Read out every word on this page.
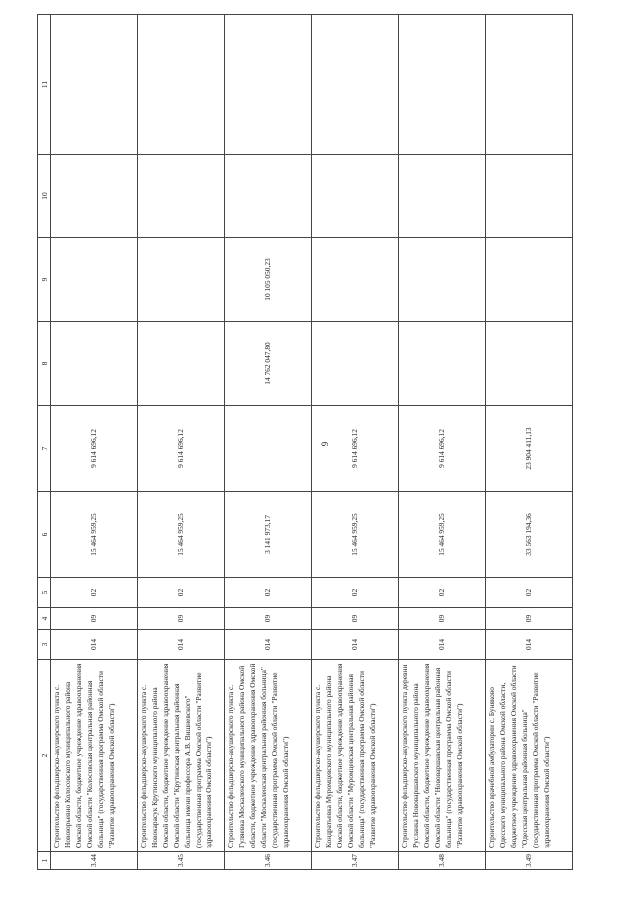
9
1	2	3	4	5	6	7	8	9	10	11
3.44	Строительство фельдшерско-акушерского пункта с. Новоюрьевно Колосовского муниципального района Омской области, бюджетное учреждение здравоохранения Омской области "Колосовская центральная районная больница" (государственная программа Омской области "Развитие здравоохранения Омской области")	014	09	02	15 464 959,25	9 614 696,12				
3.45	Строительство фельдшерско-акушерского пункта с. Новокарасук Крутинского муниципального района Омской области, бюджетное учреждение здравоохранения Омской области "Крутинская центральная районная больница имени профессора А.В. Вишневского" (государственная программа Омской области "Развитие здравоохранения Омской области")	014	09	02	15 464 959,25	9 614 696,12				
3.46	Строительство фельдшерско-акушерского пункта с. Гуляевка Москаленского муниципального района Омской области, бюджетное учреждение здравоохранения Омской области "Москаленская центральная районная больница" (государственная программа Омской области "Развитие здравоохранения Омской области")	014	09	02	3 141 973,17		14 762 047,80	10 105 050,23		
3.47	Строительство фельдшерско-акушерского пункта с. Кондратьевка Муромцевского муниципального района Омской области, бюджетное учреждение здравоохранения Омской области "Муромцевская центральная районная больница" (государственная программа Омской области "Развитие здравоохранения Омской области")	014	09	02	15 464 959,25	9 614 696,12				
3.48	Строительство фельдшерско-акушерского пункта деревни Русланка Нововаршавского муниципального района Омской области, бюджетное учреждение здравоохранения Омской области "Нововаршавская центральная районная больница" (государственная программа Омской области "Развитие здравоохранения Омской области")	014	09	02	15 464 959,25	9 614 696,12				
3.49	Строительство врачебной амбулатории с. Буняково Одесского муниципального района Омской области, бюджетное учреждение здравоохранения Омской области "Одесская центральная районная больница" (государственная программа Омской области "Развитие здравоохранения Омской области")	014	09	02	33 563 194,36	23 904 411,13				
